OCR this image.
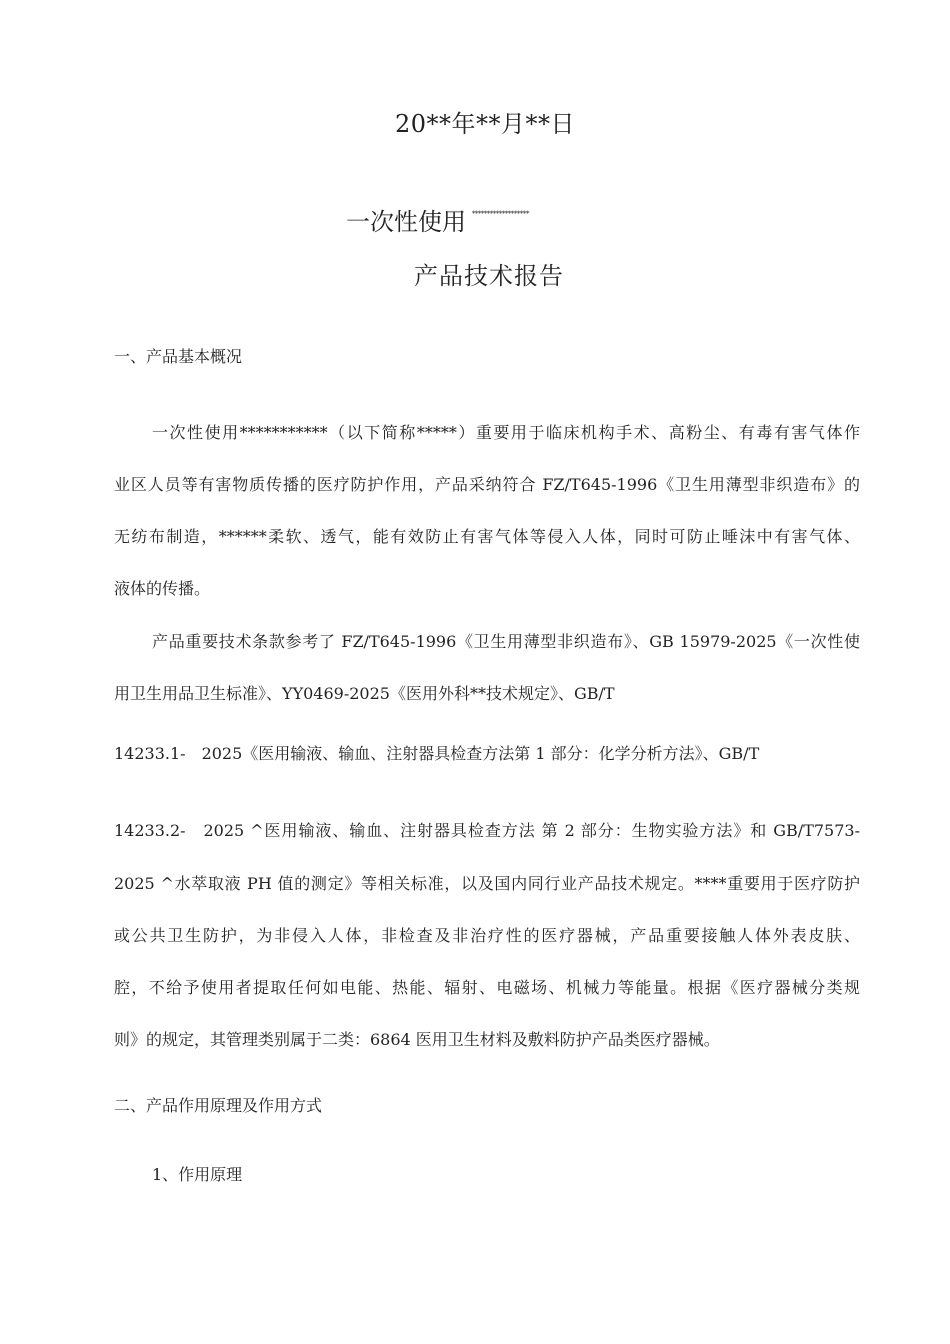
20**年**月**日
一次性使用 *******************
产品技术报告
一、产品基本概况
一次性使用***********（以下简称*****）重要用于临床机构手术、高粉尘、有毒有害气体作
业区人员等有害物质传播的医疗防护作用，产品采纳符合 FZ/T645-1996《卫生用薄型非织造布》的
无纺布制造，******柔软、透气，能有效防止有害气体等侵入人体，同时可防止唾沫中有害气体、
液体的传播。
产品重要技术条款参考了 FZ/T645-1996《卫生用薄型非织造布》、GB 15979-2025《一次性使
用卫生用品卫生标准》、YY0469-2025《医用外科**技术规定》、GB/T
14233.1-　2025《医用输液、输血、注射器具检查方法第 1 部分：化学分析方法》、GB/T
14233.2-　2025 ^医用输液、输血、注射器具检查方法 第 2 部分：生物实验方法》和 GB/T7573-
2025 ^水萃取液 PH 值的测定》等相关标准，以及国内同行业产品技术规定。****重要用于医疗防护
或公共卫生防护，为非侵入人体，非检查及非治疗性的医疗器械，产品重要接触人体外表皮肤、
腔，不给予使用者提取任何如电能、热能、辐射、电磁场、机械力等能量。根据《医疗器械分类规
则》的规定，其管理类别属于二类：6864 医用卫生材料及敷料防护产品类医疗器械。
二、产品作用原理及作用方式
1、作用原理
